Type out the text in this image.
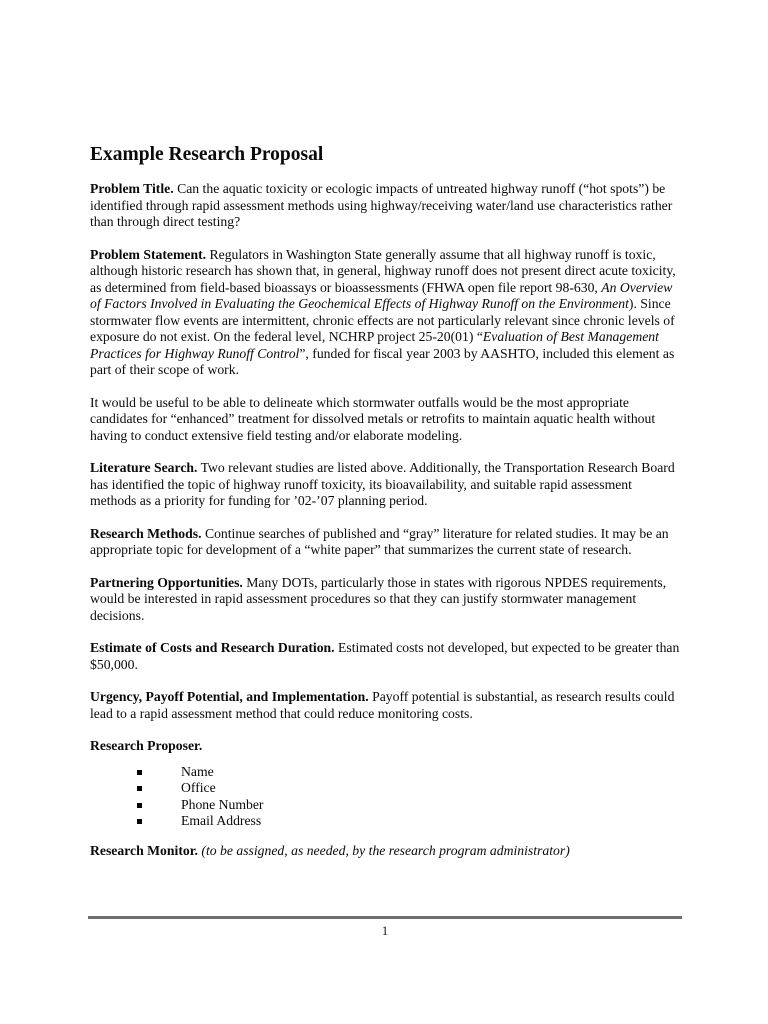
Example Research Proposal

Problem Title. Can the aquatic toxicity or ecologic impacts of untreated highway runoff (“hot spots”) be identified through rapid assessment methods using highway/receiving water/land use characteristics rather than through direct testing?

Problem Statement. Regulators in Washington State generally assume that all highway runoff is toxic, although historic research has shown that, in general, highway runoff does not present direct acute toxicity, as determined from field-based bioassays or bioassessments (FHWA open file report 98-630, An Overview of Factors Involved in Evaluating the Geochemical Effects of Highway Runoff on the Environment). Since stormwater flow events are intermittent, chronic effects are not particularly relevant since chronic levels of exposure do not exist. On the federal level, NCHRP project 25-20(01) “Evaluation of Best Management Practices for Highway Runoff Control”, funded for fiscal year 2003 by AASHTO, included this element as part of their scope of work.

It would be useful to be able to delineate which stormwater outfalls would be the most appropriate candidates for “enhanced” treatment for dissolved metals or retrofits to maintain aquatic health without having to conduct extensive field testing and/or elaborate modeling.

Literature Search. Two relevant studies are listed above. Additionally, the Transportation Research Board has identified the topic of highway runoff toxicity, its bioavailability, and suitable rapid assessment methods as a priority for funding for ’02-’07 planning period.

Research Methods. Continue searches of published and “gray” literature for related studies. It may be an appropriate topic for development of a “white paper” that summarizes the current state of research.

Partnering Opportunities. Many DOTs, particularly those in states with rigorous NPDES requirements, would be interested in rapid assessment procedures so that they can justify stormwater management decisions.

Estimate of Costs and Research Duration. Estimated costs not developed, but expected to be greater than $50,000.

Urgency, Payoff Potential, and Implementation. Payoff potential is substantial, as research results could lead to a rapid assessment method that could reduce monitoring costs.

Research Proposer.

Name
Office
Phone Number
Email Address

Research Monitor. (to be assigned, as needed, by the research program administrator)

1
